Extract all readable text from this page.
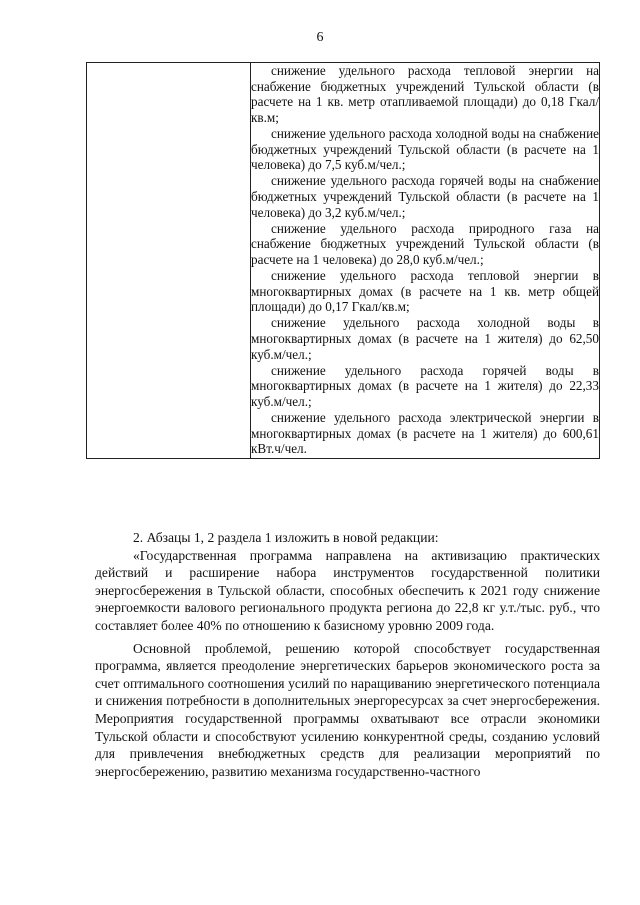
6

снижение удельного расхода тепловой энергии на снабжение бюджетных учреждений Тульской области (в расчете на 1 кв. метр отапливаемой площади) до 0,18 Гкал/кв.м;

снижение удельного расхода холодной воды на снабжение бюджетных учреждений Тульской области (в расчете на 1 человека) до 7,5 куб.м/чел.;

снижение удельного расхода горячей воды на снабжение бюджетных учреждений Тульской области (в расчете на 1 человека) до 3,2 куб.м/чел.;

снижение удельного расхода природного газа на снабжение бюджетных учреждений Тульской области (в расчете на 1 человека) до 28,0 куб.м/чел.;

снижение удельного расхода тепловой энергии в многоквартирных домах (в расчете на 1 кв. метр общей площади) до 0,17 Гкал/кв.м;

снижение удельного расхода холодной воды в многоквартирных домах (в расчете на 1 жителя) до 62,50 куб.м/чел.;

снижение удельного расхода горячей воды в многоквартирных домах (в расчете на 1 жителя) до 22,33 куб.м/чел.;

снижение удельного расхода электрической энергии в многоквартирных домах (в расчете на 1 жителя) до 600,61 кВт.ч/чел.

2. Абзацы 1, 2 раздела 1 изложить в новой редакции:

«Государственная программа направлена на активизацию практических действий и расширение набора инструментов государственной политики энергосбережения в Тульской области, способных обеспечить к 2021 году снижение энергоемкости валового регионального продукта региона до 22,8 кг у.т./тыс. руб., что составляет более 40% по отношению к базисному уровню 2009 года.

Основной проблемой, решению которой способствует государственная программа, является преодоление энергетических барьеров экономического роста за счет оптимального соотношения усилий по наращиванию энергетического потенциала и снижения потребности в дополнительных энергоресурсах за счет энергосбережения. Мероприятия государственной программы охватывают все отрасли экономики Тульской области и способствуют усилению конкурентной среды, созданию условий для привлечения внебюджетных средств для реализации мероприятий по энергосбережению, развитию механизма государственно-частного
